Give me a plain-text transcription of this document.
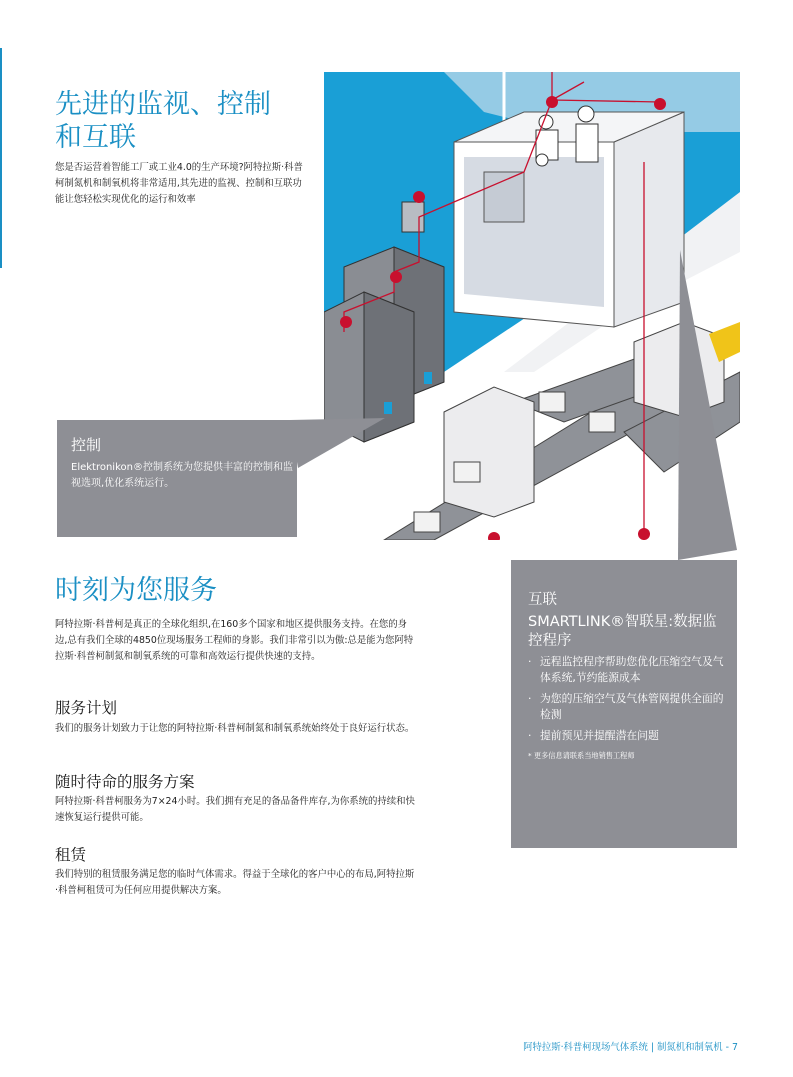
先进的监视、控制
和互联
您是否运营着智能工厂或工业4.0的生产环境?阿特拉斯·科普柯制氮机和制氧机将非常适用,其先进的监视、控制和互联功能让您轻松实现优化的运行和效率
控制
Elektronikon®控制系统为您提供丰富的控制和监视选项,优化系统运行。
互联
SMARTLINK®智联星:数据监控程序
· 远程监控程序帮助您优化压缩空气及气体系统,节约能源成本
· 为您的压缩空气及气体管网提供全面的检测
· 提前预见并提醒潜在问题
* 更多信息请联系当地销售工程师
时刻为您服务
阿特拉斯·科普柯是真正的全球化组织,在160多个国家和地区提供服务支持。在您的身边,总有我们全球的4850位现场服务工程师的身影。我们非常引以为傲:总是能为您阿特拉斯·科普柯制氮和制氧系统的可靠和高效运行提供快速的支持。
服务计划
我们的服务计划致力于让您的阿特拉斯·科普柯制氮和制氧系统始终处于良好运行状态。
随时待命的服务方案
阿特拉斯·科普柯服务为7×24小时。我们拥有充足的备品备件库存,为你系统的持续和快速恢复运行提供可能。
租赁
我们特别的租赁服务满足您的临时气体需求。得益于全球化的客户中心的布局,阿特拉斯·科普柯租赁可为任何应用提供解决方案。
阿特拉斯·科普柯现场气体系统 | 制氮机和制氧机 - 7
